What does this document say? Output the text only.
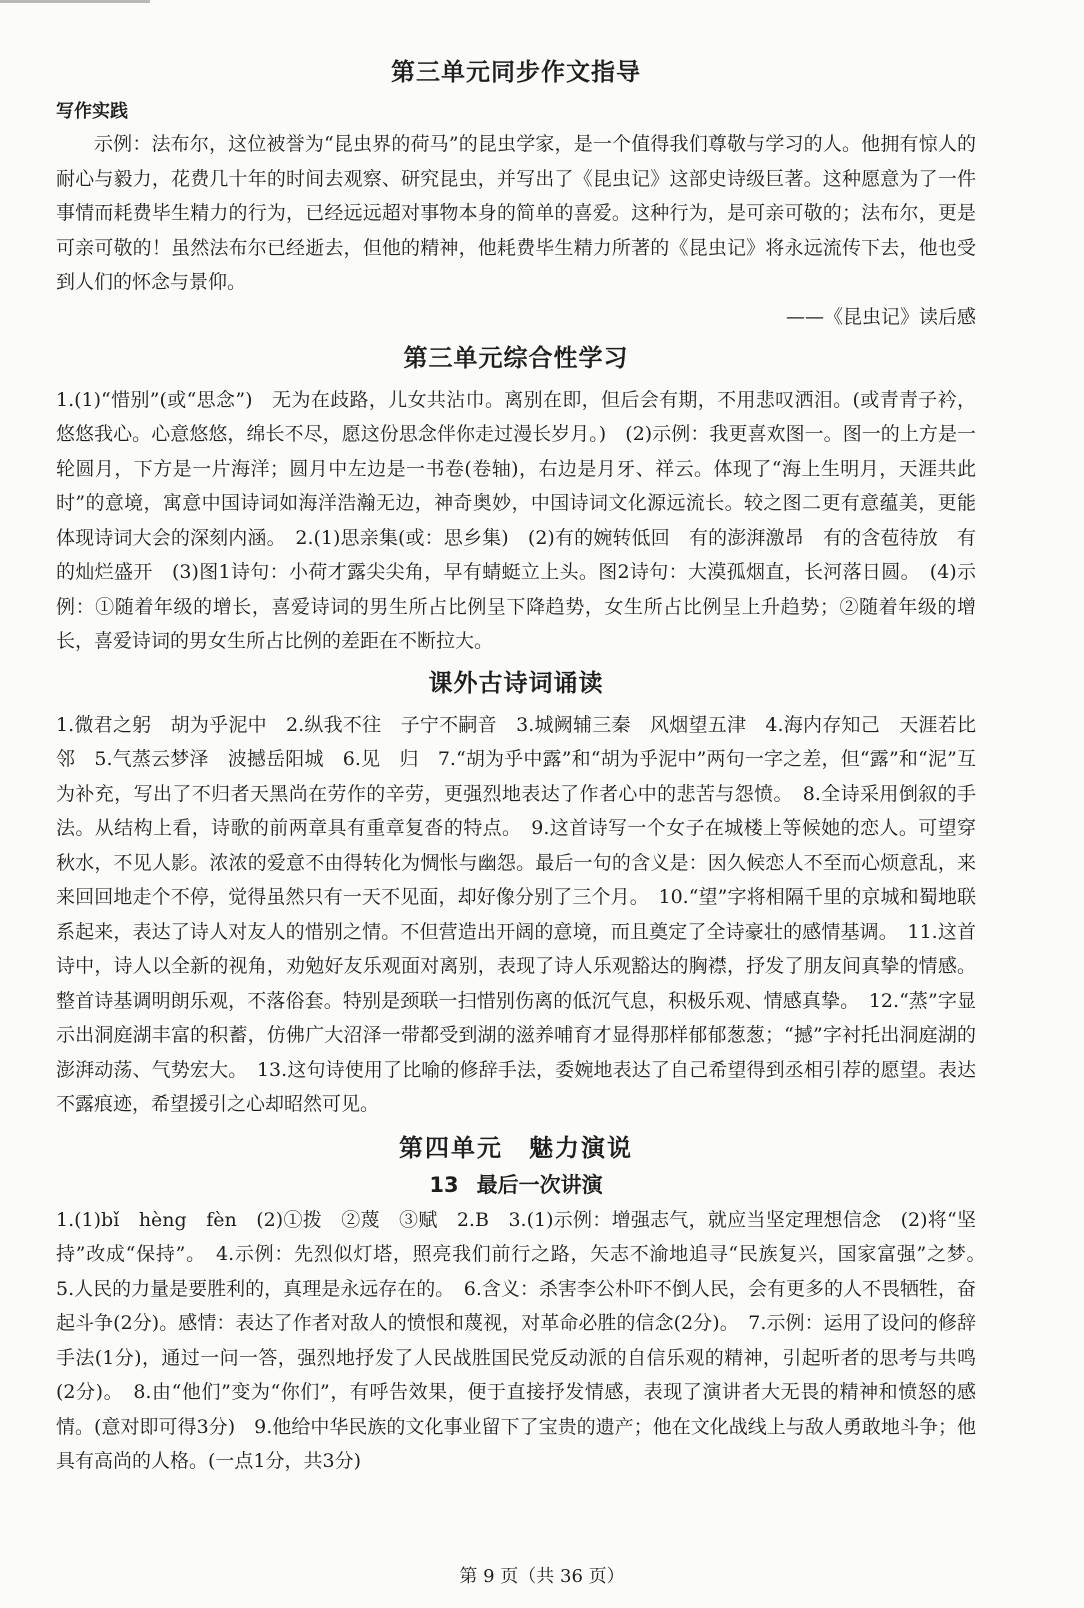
第三单元同步作文指导
写作实践

示例：法布尔，这位被誉为“昆虫界的荷马”的昆虫学家，是一个值得我们尊敬与学习的人。他拥有惊人的耐心与毅力，花费几十年的时间去观察、研究昆虫，并写出了《昆虫记》这部史诗级巨著。这种愿意为了一件事情而耗费毕生精力的行为，已经远远超对事物本身的简单的喜爱。这种行为，是可亲可敬的；法布尔，更是可亲可敬的！虽然法布尔已经逝去，但他的精神，他耗费毕生精力所著的《昆虫记》将永远流传下去，他也受到人们的怀念与景仰。

——《昆虫记》读后感
第三单元综合性学习

1.(1)“惜别”(或“思念”)　无为在歧路，儿女共沾巾。离别在即，但后会有期，不用悲叹洒泪。(或青青子衿，悠悠我心。心意悠悠，绵长不尽，愿这份思念伴你走过漫长岁月。)　(2)示例：我更喜欢图一。图一的上方是一轮圆月，下方是一片海洋；圆月中左边是一书卷(卷轴)，右边是月牙、祥云。体现了“海上生明月，天涯共此时”的意境，寓意中国诗词如海洋浩瀚无边，神奇奥妙，中国诗词文化源远流长。较之图二更有意蕴美，更能体现诗词大会的深刻内涵。　2.(1)思亲集(或：思乡集)　(2)有的婉转低回　有的澎湃激昂　有的含苞待放　有的灿烂盛开　(3)图1诗句：小荷才露尖尖角，早有蜻蜓立上头。图2诗句：大漠孤烟直，长河落日圆。　(4)示例：①随着年级的增长，喜爱诗词的男生所占比例呈下降趋势，女生所占比例呈上升趋势；②随着年级的增长，喜爱诗词的男女生所占比例的差距在不断拉大。

课外古诗词诵读

1.微君之躬　胡为乎泥中　2.纵我不往　子宁不嗣音　3.城阙辅三秦　风烟望五津　4.海内存知己　天涯若比邻　5.气蒸云梦泽　波撼岳阳城　6.见　归　7.“胡为乎中露”和“胡为乎泥中”两句一字之差，但“露”和“泥”互为补充，写出了不归者天黑尚在劳作的辛劳，更强烈地表达了作者心中的悲苦与怨愤。　8.全诗采用倒叙的手法。从结构上看，诗歌的前两章具有重章复沓的特点。　9.这首诗写一个女子在城楼上等候她的恋人。可望穿秋水，不见人影。浓浓的爱意不由得转化为惆怅与幽怨。最后一句的含义是：因久候恋人不至而心烦意乱，来来回回地走个不停，觉得虽然只有一天不见面，却好像分别了三个月。　10.“望”字将相隔千里的京城和蜀地联系起来，表达了诗人对友人的惜别之情。不但营造出开阔的意境，而且奠定了全诗豪壮的感情基调。　11.这首诗中，诗人以全新的视角，劝勉好友乐观面对离别，表现了诗人乐观豁达的胸襟，抒发了朋友间真挚的情感。整首诗基调明朗乐观，不落俗套。特别是颈联一扫惜别伤离的低沉气息，积极乐观、情感真挚。　12.“蒸”字显示出洞庭湖丰富的积蓄，仿佛广大沼泽一带都受到湖的滋养哺育才显得那样郁郁葱葱；“撼”字衬托出洞庭湖的澎湃动荡、气势宏大。　13.这句诗使用了比喻的修辞手法，委婉地表达了自己希望得到丞相引荐的愿望。表达不露痕迹，希望援引之心却昭然可见。

第四单元　魅力演说
13 最后一次讲演

1.(1)bǐ　hèng　fèn　(2)①拨　②蔑　③赋　2.B　3.(1)示例：增强志气，就应当坚定理想信念　(2)将“坚持”改成“保持”。　4.示例：先烈似灯塔，照亮我们前行之路，矢志不渝地追寻“民族复兴，国家富强”之梦。　5.人民的力量是要胜利的，真理是永远存在的。　6.含义：杀害李公朴吓不倒人民，会有更多的人不畏牺牲，奋起斗争(2分)。感情：表达了作者对敌人的愤恨和蔑视，对革命必胜的信念(2分)。　7.示例：运用了设问的修辞手法(1分)，通过一问一答，强烈地抒发了人民战胜国民党反动派的自信乐观的精神，引起听者的思考与共鸣(2分)。　8.由“他们”变为“你们”，有呼告效果，便于直接抒发情感，表现了演讲者大无畏的精神和愤怒的感情。(意对即可得3分)　9.他给中华民族的文化事业留下了宝贵的遗产；他在文化战线上与敌人勇敢地斗争；他具有高尚的人格。(一点1分，共3分)

第 9 页（共 36 页）
